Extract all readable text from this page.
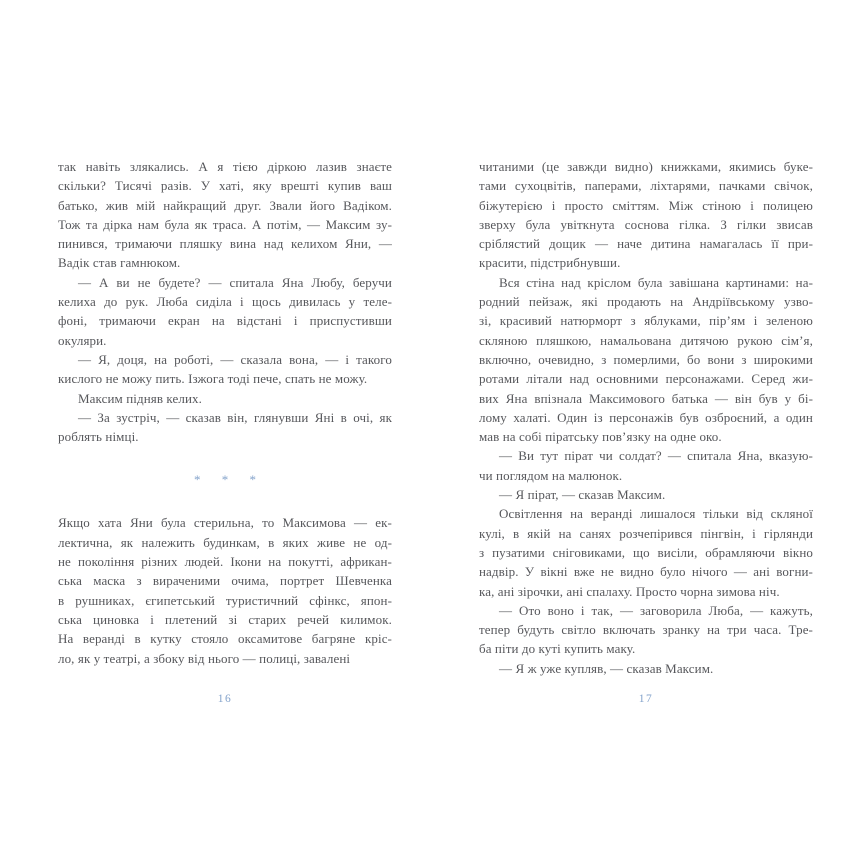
так навіть злякались. А я тією діркою лазив знаєте
скільки? Тисячі разів. У хаті, яку врешті купив ваш
батько, жив мій найкращий друг. Звали його Вадіком.
Тож та дірка нам була як траса. А потім, — Максим зу-
пинився, тримаючи пляшку вина над келихом Яни, —
Вадік став гамнюком.
— А ви не будете? — спитала Яна Любу, беручи
келиха до рук. Люба сиділа і щось дивилась у теле-
фоні, тримаючи екран на відстані і приспустивши
окуляри.
— Я, доця, на роботі, — сказала вона, — і такого
кислого не можу пить. Ізжога тоді пече, спать не можу.
Максим підняв келих.
— За зустріч, — сказав він, глянувши Яні в очі, як
роблять німці.
* * *
Якщо хата Яни була стерильна, то Максимова — ек-
лектична, як належить будинкам, в яких живе не од-
не покоління різних людей. Ікони на покутті, африкан-
ська маска з вираченими очима, портрет Шевченка
в рушниках, єгипетський туристичний сфінкс, япон-
ська циновка і плетений зі старих речей килимок.
На веранді в кутку стояло оксамитове багряне кріс-
ло, як у театрі, а збоку від нього — полиці, завалені
16
читаними (це завжди видно) книжками, якимись буке-
тами сухоцвітів, паперами, ліхтарями, пачками свічок,
біжутерією і просто сміттям. Між стіною і полицею
зверху була увіткнута соснова гілка. З гілки звисав
сріблястий дощик — наче дитина намагалась її при-
красити, підстрибнувши.
Вся стіна над кріслом була завішана картинами: на-
родний пейзаж, які продають на Андріївському узво-
зі, красивий натюрморт з яблуками, пір’ям і зеленою
скляною пляшкою, намальована дитячою рукою сім’я,
включно, очевидно, з померлими, бо вони з широкими
ротами літали над основними персонажами. Серед жи-
вих Яна впізнала Максимового батька — він був у бі-
лому халаті. Один із персонажів був озброєний, а один
мав на собі піратську пов’язку на одне око.
— Ви тут пірат чи солдат? — спитала Яна, вказую-
чи поглядом на малюнок.
— Я пірат, — сказав Максим.
Освітлення на веранді лишалося тільки від скляної
кулі, в якій на санях розчепірився пінгвін, і гірлянди
з пузатими сніговиками, що висіли, обрамляючи вікно
надвір. У вікні вже не видно було нічого — ані вогни-
ка, ані зірочки, ані спалаху. Просто чорна зимова ніч.
— Ото воно і так, — заговорила Люба, — кажуть,
тепер будуть світло включать зранку на три часа. Тре-
ба піти до куті купить маку.
— Я ж уже купляв, — сказав Максим.
17
